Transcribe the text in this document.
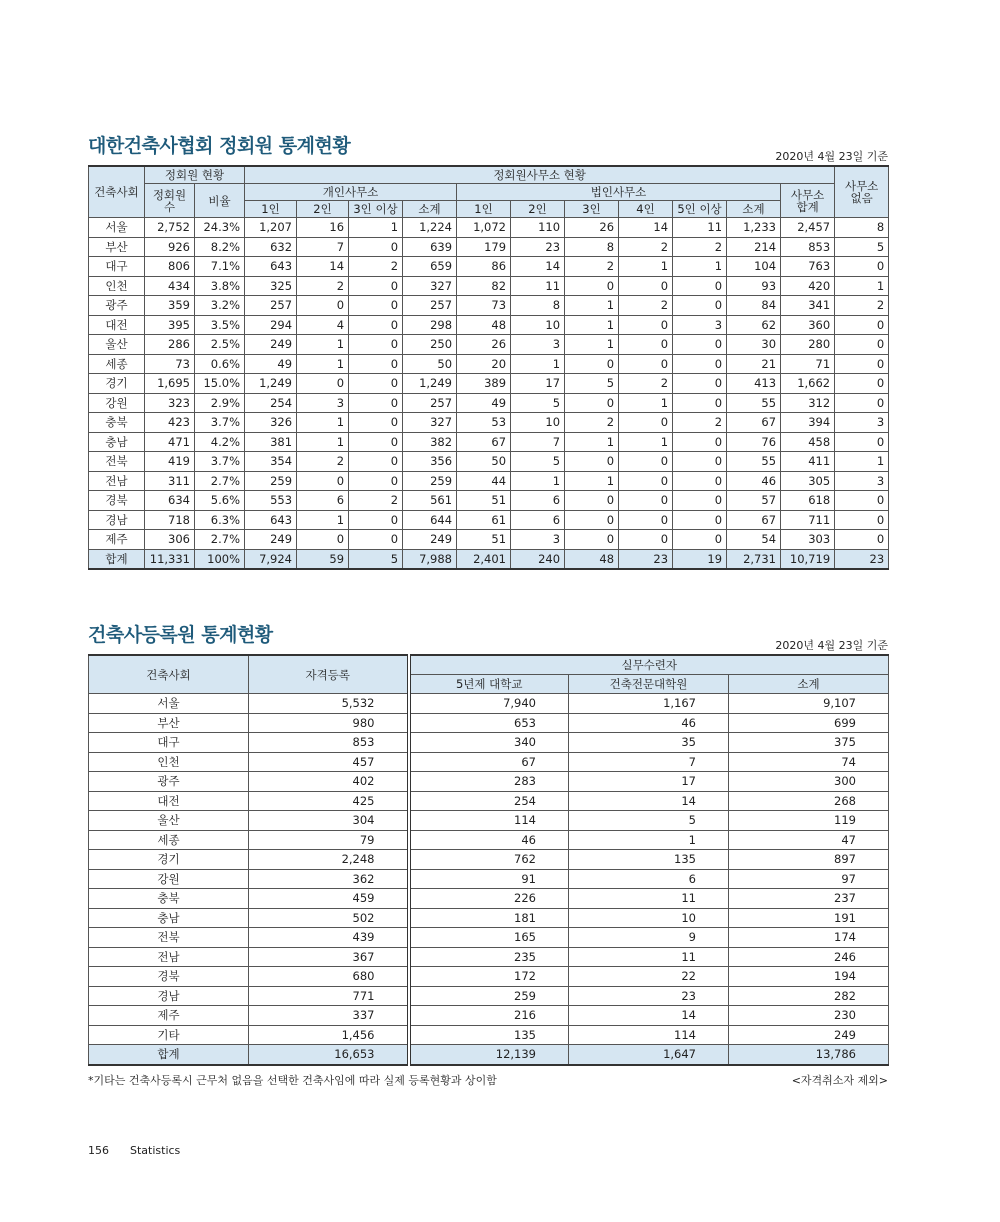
대한건축사협회 정회원 통계현황	2020년 4월 23일 기준
건축사회	정회원 현황		정회원사무소 현황											사무소 없음
	정회원수	비율	개인사무소				법인사무소						사무소 합계	
			1인	2인	3인 이상	소계	1인	2인	3인	4인	5인 이상	소계		
서울	2,752	24.3%	1,207	16	1	1,224	1,072	110	26	14	11	1,233	2,457	8
부산	926	8.2%	632	7	0	639	179	23	8	2	2	214	853	5
대구	806	7.1%	643	14	2	659	86	14	2	1	1	104	763	0
인천	434	3.8%	325	2	0	327	82	11	0	0	0	93	420	1
광주	359	3.2%	257	0	0	257	73	8	1	2	0	84	341	2
대전	395	3.5%	294	4	0	298	48	10	1	0	3	62	360	0
울산	286	2.5%	249	1	0	250	26	3	1	0	0	30	280	0
세종	73	0.6%	49	1	0	50	20	1	0	0	0	21	71	0
경기	1,695	15.0%	1,249	0	0	1,249	389	17	5	2	0	413	1,662	0
강원	323	2.9%	254	3	0	257	49	5	0	1	0	55	312	0
충북	423	3.7%	326	1	0	327	53	10	2	0	2	67	394	3
충남	471	4.2%	381	1	0	382	67	7	1	1	0	76	458	0
전북	419	3.7%	354	2	0	356	50	5	0	0	0	55	411	1
전남	311	2.7%	259	0	0	259	44	1	1	0	0	46	305	3
경북	634	5.6%	553	6	2	561	51	6	0	0	0	57	618	0
경남	718	6.3%	643	1	0	644	61	6	0	0	0	67	711	0
제주	306	2.7%	249	0	0	249	51	3	0	0	0	54	303	0
합계	11,331	100%	7,924	59	5	7,988	2,401	240	48	23	19	2,731	10,719	23
건축사등록원 통계현황	2020년 4월 23일 기준
건축사회	자격등록	실무수련자		
		5년제 대학교	건축전문대학원	소계
서울	5,532	7,940	1,167	9,107
부산	980	653	46	699
대구	853	340	35	375
인천	457	67	7	74
광주	402	283	17	300
대전	425	254	14	268
울산	304	114	5	119
세종	79	46	1	47
경기	2,248	762	135	897
강원	362	91	6	97
충북	459	226	11	237
충남	502	181	10	191
전북	439	165	9	174
전남	367	235	11	246
경북	680	172	22	194
경남	771	259	23	282
제주	337	216	14	230
기타	1,456	135	114	249
합계	16,653	12,139	1,647	13,786
*기타는 건축사등록시 근무처 없음을 선택한 건축사임에 따라 실제 등록현황과 상이함	<자격취소자 제외>
156 Statistics
